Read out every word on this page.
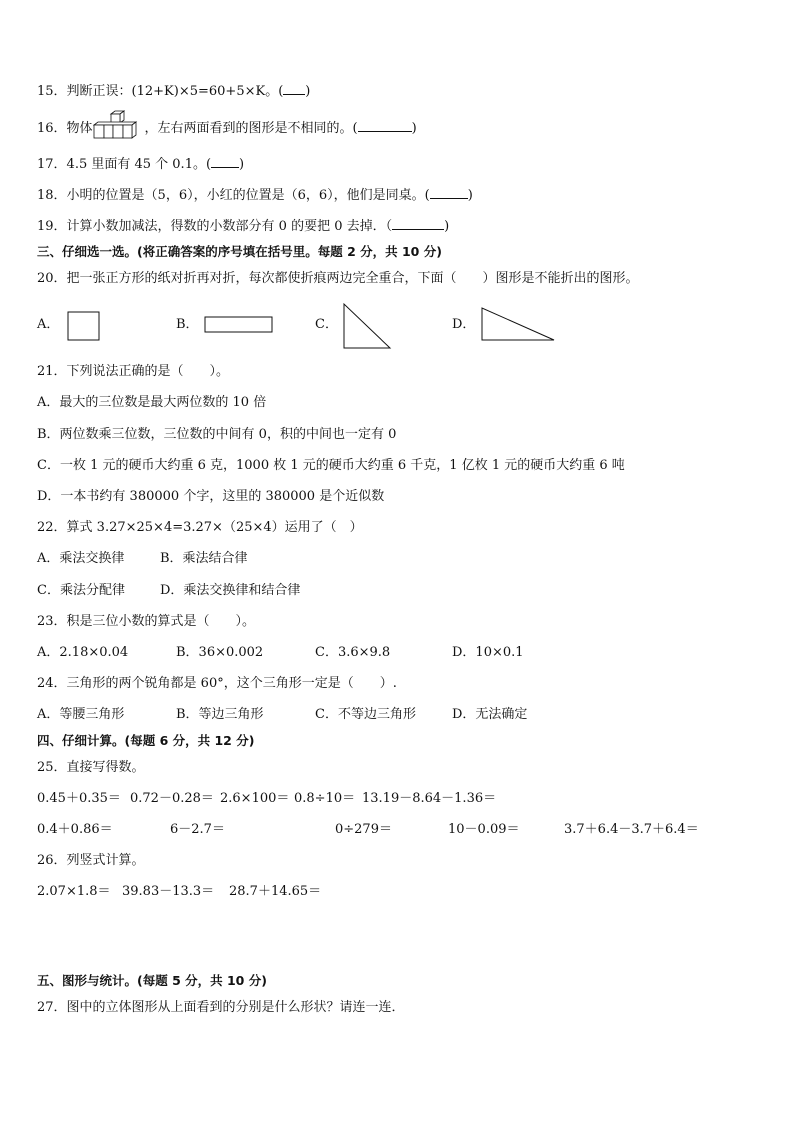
15．判断正误：(12+K)×5=60+5×K。( )
16．物体	，左右两面看到的图形是不相同的。(	)
17．4.5 里面有 45 个 0.1。( )
18．小明的位置是（5，6），小红的位置是（6，6），他们是同桌。(	)
19．计算小数加减法，得数的小数部分有 0 的要把 0 去掉．（	)
三、仔细选一选。(将正确答案的序号填在括号里。每题 2 分，共 10 分)
20．把一张正方形的纸对折再对折，每次都使折痕两边完全重合，下面（　　）图形是不能折出的图形。
A．	B．	C．	D．
21．下列说法正确的是（　　）。
A．最大的三位数是最大两位数的 10 倍
B．两位数乘三位数，三位数的中间有 0，积的中间也一定有 0
C．一枚 1 元的硬币大约重 6 克，1000 枚 1 元的硬币大约重 6 千克，1 亿枚 1 元的硬币大约重 6 吨
D．一本书约有 380000 个字，这里的 380000 是个近似数
22．算式 3.27×25×4=3.27×（25×4）运用了（　）
A．乘法交换律	B．乘法结合律
C．乘法分配律	D．乘法交换律和结合律
23．积是三位小数的算式是（　　）。
A．2.18×0.04	B．36×0.002	C．3.6×9.8	D．10×0.1
24．三角形的两个锐角都是 60°，这个三角形一定是（　　）.
A．等腰三角形	B．等边三角形	C．不等边三角形	D．无法确定
四、仔细计算。(每题 6 分，共 12 分)
25．直接写得数。
0.45＋0.35＝ 0.72－0.28＝ 2.6×100＝ 0.8÷10＝ 13.19－8.64－1.36＝
0.4＋0.86＝	6－2.7＝	0÷279＝	10－0.09＝	3.7＋6.4－3.7＋6.4＝
26．列竖式计算。
2.07×1.8＝ 39.83－13.3＝ 28.7＋14.65＝
五、图形与统计。(每题 5 分，共 10 分)
27．图中的立体图形从上面看到的分别是什么形状？请连一连．
